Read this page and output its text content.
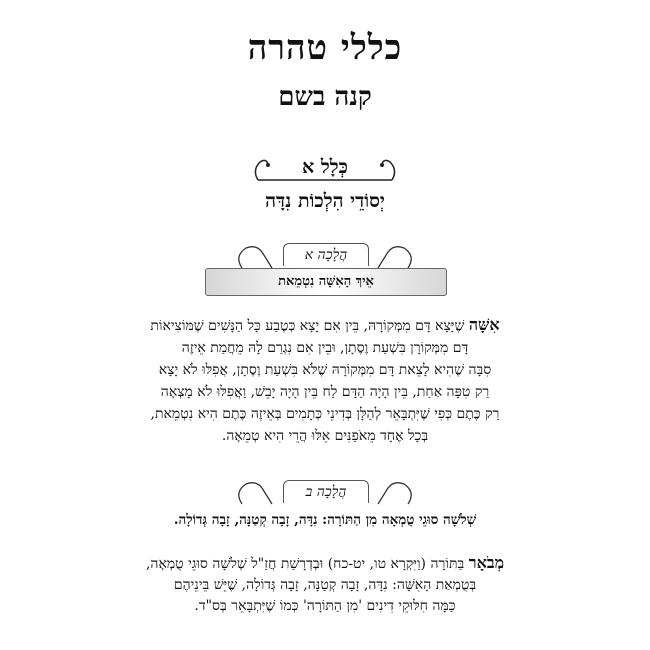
כללי טהרה
קנה בשם
כְּלָל א
יְסוֹדֵי הִלְכוֹת נִדָּה
הֲלָכָה א
אֵיךְ הָאִשָּׁה נִטְמֵאת
אִשָּׁה שֶׁיָּצָא דָּם מִמְּקוֹרָהּ, בֵּין אִם יָצָא כְּטֶבַע כָּל הַנָּשִׁים שֶׁמּוֹצִיאוֹת
דָּם מִמְּקוֹרָן בִּשְׁעַת וֶסֶתָן, וּבֵין אִם נִגְרַם לָהּ מֵחֲמַת אֵיזֶה
סִבָּה שֶׁהִיא לָצֵאת דָּם מִמְּקוֹרָהּ שֶׁלֹּא בִּשְׁעַת וֶסֶתָן, אֲפִלּוּ לֹא יָצָא
רַק טִפָּה אַחַת, בֵּין הָיָה הַדָּם לַח בֵּין הָיָה יָבֵשׁ, וַאֲפִלּוּ לֹא מָצְאָה
רַק כֶּתֶם כְּפִי שֶׁיִּתְבָּאֵר לְהַלָּן בְּדִינֵי כְּתָמִים בְּאֵיזֶה כֶּתֶם הִיא נִטְמֵאת,
בְּכָל אֶחָד מֵאֹפַנִּים אֵלּוּ הֲרֵי הִיא טְמֵאָה.
הֲלָכָה ב
שְׁלֹשָׁה סוּגֵי טֻמְאָה מִן הַתּוֹרָה: נִדָּה, זָבָה קְטַנָּה, זָבָה גְּדוֹלָה.
מְבֹאָר בַּתּוֹרָה (וַיִּקְרָא טו, יט-כח) וּבְדְרָשַׁת חֲזַ"ל שְׁלֹשָׁה סוּגֵי טֻמְאָה,
בְּטֻמְאַת הָאִשָּׁה: נִדָּה, זָבָה קְטַנָּה, זָבָה גְּדוֹלָה, שֶׁיֵּשׁ בֵּינֵיהֶם
כַּמָּה חִלּוּקֵי דִינִים 'מִן הַתּוֹרָה' כְּמוֹ שֶׁיִּתְבָּאֵר בְּס"ד.
